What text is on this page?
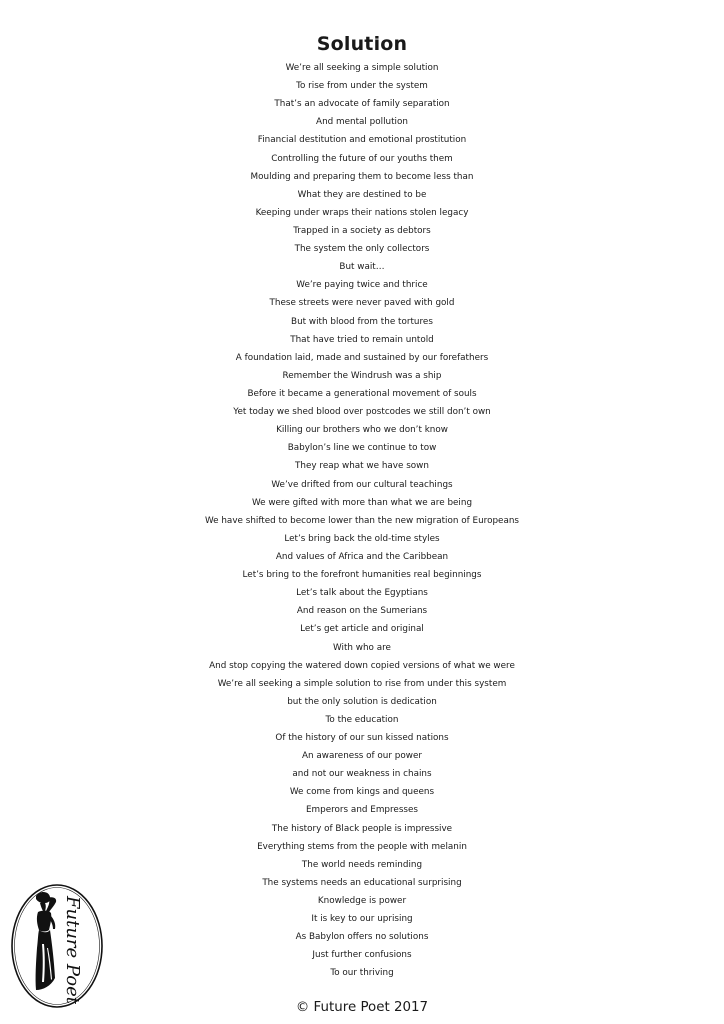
Solution
We’re all seeking a simple solution
To rise from under the system
That’s an advocate of family separation
And mental pollution
Financial destitution and emotional prostitution
Controlling the future of our youths them
Moulding and preparing them to become less than
What they are destined to be
Keeping under wraps their nations stolen legacy
Trapped in a society as debtors
The system the only collectors
But wait…
We’re paying twice and thrice
These streets were never paved with gold
But with blood from the tortures
That have tried to remain untold
A foundation laid, made and sustained by our forefathers
Remember the Windrush was a ship
Before it became a generational movement of souls
Yet today we shed blood over postcodes we still don’t own
Killing our brothers who we don’t know
Babylon’s line we continue to tow
They reap what we have sown
We’ve drifted from our cultural teachings
We were gifted with more than what we are being
We have shifted to become lower than the new migration of Europeans
Let’s bring back the old-time styles
And values of Africa and the Caribbean
Let’s bring to the forefront humanities real beginnings
Let’s talk about the Egyptians
And reason on the Sumerians
Let’s get article and original
With who are
And stop copying the watered down copied versions of what we were
We’re all seeking a simple solution to rise from under this system
but the only solution is dedication
To the education
Of the history of our sun kissed nations
An awareness of our power
and not our weakness in chains
We come from kings and queens
Emperors and Empresses
The history of Black people is impressive
Everything stems from the people with melanin
The world needs reminding
The systems needs an educational surprising
Knowledge is power
It is key to our uprising
As Babylon offers no solutions
Just further confusions
To our thriving
Future Poet
© Future Poet 2017
